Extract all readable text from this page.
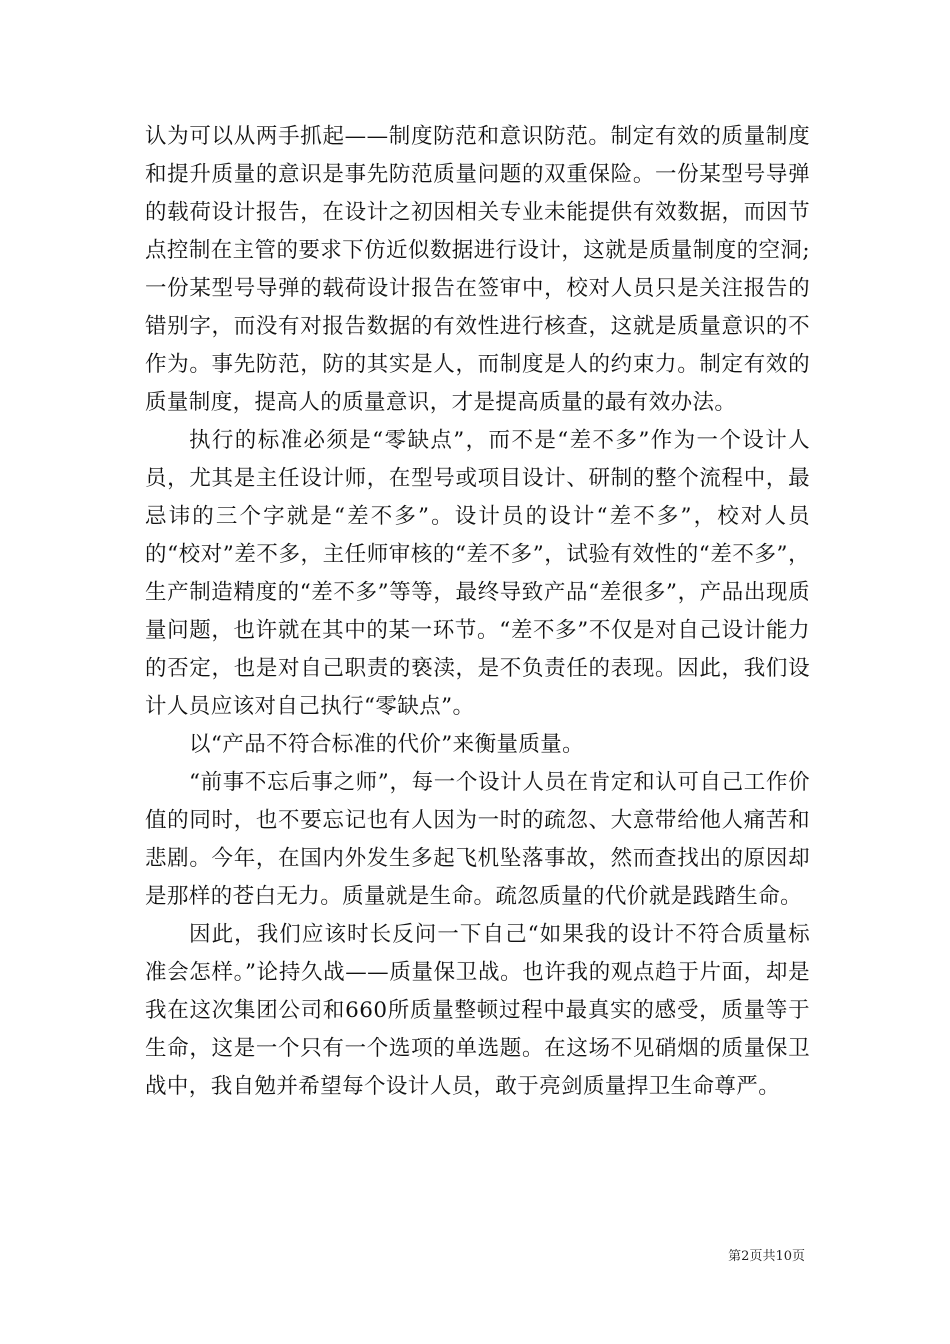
认为可以从两手抓起——制度防范和意识防范。制定有效的质量制度和提升质量的意识是事先防范质量问题的双重保险。一份某型号导弹的载荷设计报告，在设计之初因相关专业未能提供有效数据，而因节点控制在主管的要求下仿近似数据进行设计，这就是质量制度的空洞;一份某型号导弹的载荷设计报告在签审中，校对人员只是关注报告的错别字，而没有对报告数据的有效性进行核查，这就是质量意识的不作为。事先防范，防的其实是人，而制度是人的约束力。制定有效的质量制度，提高人的质量意识，才是提高质量的最有效办法。

执行的标准必须是“零缺点”，而不是“差不多”作为一个设计人员，尤其是主任设计师，在型号或项目设计、研制的整个流程中，最忌讳的三个字就是“差不多”。设计员的设计“差不多”，校对人员的“校对”差不多，主任师审核的“差不多”，试验有效性的“差不多”，生产制造精度的“差不多”等等，最终导致产品“差很多”，产品出现质量问题，也许就在其中的某一环节。“差不多”不仅是对自己设计能力的否定，也是对自己职责的亵渎，是不负责任的表现。因此，我们设计人员应该对自己执行“零缺点”。

以“产品不符合标准的代价”来衡量质量。

“前事不忘后事之师”，每一个设计人员在肯定和认可自己工作价值的同时，也不要忘记也有人因为一时的疏忽、大意带给他人痛苦和悲剧。今年，在国内外发生多起飞机坠落事故，然而查找出的原因却是那样的苍白无力。质量就是生命。疏忽质量的代价就是践踏生命。

因此，我们应该时长反问一下自己“如果我的设计不符合质量标准会怎样。”论持久战——质量保卫战。也许我的观点趋于片面，却是我在这次集团公司和660所质量整顿过程中最真实的感受，质量等于生命，这是一个只有一个选项的单选题。在这场不见硝烟的质量保卫战中，我自勉并希望每个设计人员，敢于亮剑质量捍卫生命尊严。

第2页共10页
